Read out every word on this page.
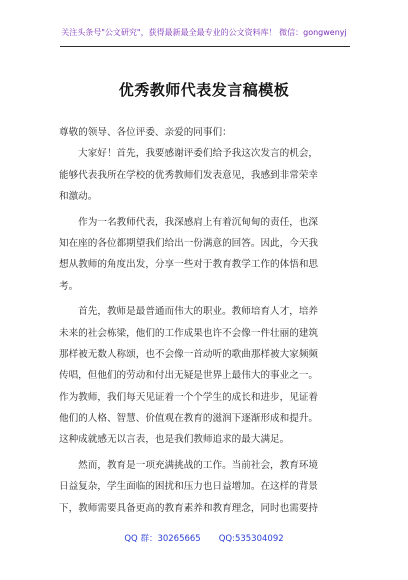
关注头条号"公文研究"，获得最新最全最专业的公文资料库！ 微信：gongwenyj
优秀教师代表发言稿模板
尊敬的领导、各位评委、亲爱的同事们：
　　大家好！首先，我要感谢评委们给予我这次发言的机会，
能够代表我所在学校的优秀教师们发表意见，我感到非常荣幸
和激动。
　　作为一名教师代表，我深感肩上有着沉甸甸的责任，也深
知在座的各位都期望我们给出一份满意的回答。因此，今天我
想从教师的角度出发，分享一些对于教育教学工作的体悟和思
考。
　　首先，教师是最普通而伟大的职业。教师培育人才，培养
未来的社会栋梁，他们的工作成果也许不会像一件壮丽的建筑
那样被无数人称颂，也不会像一首动听的歌曲那样被大家频频
传唱，但他们的劳动和付出无疑是世界上最伟大的事业之一。
作为教师，我们每天见证着一个个学生的成长和进步，见证着
他们的人格、智慧、价值观在教育的滋润下逐渐形成和提升。
这种成就感无以言表，也是我们教师追求的最大满足。
　　然而，教育是一项充满挑战的工作。当前社会，教育环境
日益复杂，学生面临的困扰和压力也日益增加。在这样的背景
下，教师需要具备更高的教育素养和教育理念，同时也需要持
QQ 群：30265665 QQ:535304092
